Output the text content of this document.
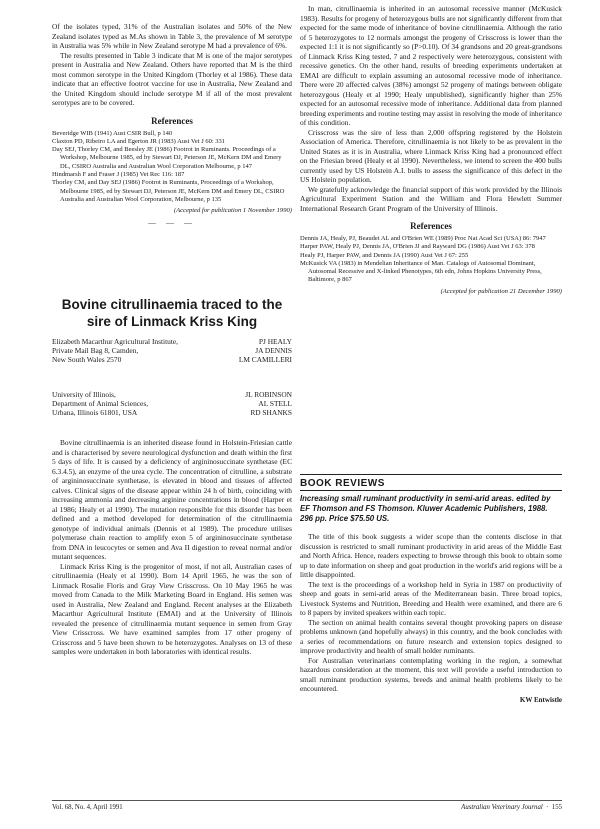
Of the isolates typed, 31% of the Australian isolates and 50% of the New Zealand isolates typed as M.As shown in Table 3, the prevalence of M serotype in Australia was 5% while in New Zealand serotype M had a prevalence of 6%.

The results presented in Table 3 indicate that M is one of the major serotypes present in Australia and New Zealand. Others have reported that M is the third most common serotype in the United Kingdom (Thorley et al 1986). These data indicate that an effective footrot vaccine for use in Australia, New Zealand and the United Kingdom should include serotype M if all of the most prevalent serotypes are to be covered.

References

Beveridge WIB (1941) Aust CSIR Bull, p 140

Claxton PD, Ribeiro LA and Egerton JR (1983) Aust Vet J 60: 331

Day SEJ, Thorley CM, and Beesley JE (1986) Footrot in Ruminants. Proceedings of a Workshop, Melbourne 1985, ed by Stewart DJ, Peterson JE, McKern DM and Emery DL, CSIRO Australia and Australian Wool Corporation Melbourne, p 147

Hindmarsh F and Fraser J (1985) Vet Rec 116: 187

Thorley CM, and Day SEJ (1986) Footrot in Ruminants, Proceedings of a Workshop, Melbourne 1985, ed by Stewart DJ, Peterson JE, McKern DM and Emery DL, CSIRO Australia and Australian Wool Corporation, Melbourne, p 135

(Accepted for publication 1 November 1990)
— — —
Bovine citrullinaemia traced to the
sire of Linmack Kriss King
Elizabeth Macarthur Agricultural Institute,	PJ HEALY
Private Mail Bag 8, Camden,	JA DENNIS
New South Wales 2570	LM CAMILLERI
University of Illinois,	JL ROBINSON
Department of Animal Sciences,	AL STELL
Urbana, Illinois 61801, USA	RD SHANKS

Bovine citrullinaemia is an inherited disease found in Holstein-Friesian cattle and is characterised by severe neurological dysfunction and death within the first 5 days of life. It is caused by a deficiency of argininosuccinate synthetase (EC 6.3.4.5), an enzyme of the urea cycle. The concentration of citrulline, a substrate of argininosuccinate synthetase, is elevated in blood and tissues of affected calves. Clinical signs of the disease appear within 24 h of birth, coinciding with increasing ammonia and decreasing arginine concentrations in blood (Harper et al 1986; Healy et al 1990). The mutation responsible for this disorder has been defined and a method developed for determination of the citrullinaemia genotype of individual animals (Dennis et al 1989). The procedure utilises polymerase chain reaction to amplify exon 5 of argininosuccinate synthetase from DNA in leucocytes or semen and Ava II digestion to reveal normal and/or mutant sequences.

Linmack Kriss King is the progenitor of most, if not all, Australian cases of citrullinaemia (Healy et al 1990). Born 14 April 1965, he was the son of Linmack Rosalie Floris and Gray View Crisscross. On 10 May 1965 he was moved from Canada to the Milk Marketing Board in England. His semen was used in Australia, New Zealand and England. Recent analyses at the Elizabeth Macarthur Agricultural Institute (EMAI) and at the University of Illinois revealed the presence of citrullinaemia mutant sequence in semen from Gray View Crisscross. We have examined samples from 17 other progeny of Crisscross and 5 have been shown to be heterozygotes. Analyses on 13 of these samples were undertaken in both laboratories with identical results.

In man, citrullinaemia is inherited in an autosomal recessive manner (McKusick 1983). Results for progeny of heterozygous bulls are not significantly different from that expected for the same mode of inheritance of bovine citrullinaemia. Although the ratio of 5 heterozygotes to 12 normals amongst the progeny of Crisscross is lower than the expected 1:1 it is not significantly so (P>0.10). Of 34 grandsons and 20 great-grandsons of Linmack Kriss King tested, 7 and 2 respectively were heterozygous, consistent with recessive genetics. On the other hand, results of breeding experiments undertaken at EMAI are difficult to explain assuming an autosomal recessive mode of inheritance. There were 20 affected calves (38%) amongst 52 progeny of matings between obligate heterozygous (Healy et al 1990; Healy unpublished), significantly higher than 25% expected for an autosomal recessive mode of inheritance. Additional data from planned breeding experiments and routine testing may assist in resolving the mode of inheritance of this condition.

Crisscross was the sire of less than 2,000 offspring registered by the Holstein Association of America. Therefore, citrullinaemia is not likely to be as prevalent in the United States as it is in Australia, where Linmack Kriss King had a pronounced effect on the Friesian breed (Healy et al 1990). Nevertheless, we intend to screen the 400 bulls currently used by US Holstein A.I. bulls to assess the significance of this defect in the US Holstein population.

We gratefully acknowledge the financial support of this work provided by the Illinois Agricultural Experiment Station and the William and Flora Hewlett Summer International Research Grant Program of the University of Illinois.

References

Dennis JA, Healy, PJ, Beaudet AL and O'Brien WE (1989) Proc Nat Acad Sci (USA) 86: 7947

Harper PAW, Healy PJ, Dennis JA, O'Brien JJ and Rayward DG (1986) Aust Vet J 63: 378

Healy PJ, Harper PAW, and Dennis JA (1990) Aust Vet J 67: 255

McKusick VA (1983) in Mendelian Inheritance of Man. Catalogs of Autosomal Dominant, Autosomal Recessive and X-linked Phenotypes, 6th edn, Johns Hopkins University Press, Baltimore, p 867

(Accepted for publication 21 December 1990)
BOOK REVIEWS
Increasing small ruminant productivity in semi-arid areas. edited by EF Thomson and FS Thomson. Kluwer Academic Publishers, 1988. 296 pp. Price $75.50 US.

The title of this book suggests a wider scope than the contents disclose in that discussion is restricted to small ruminant productivity in arid areas of the Middle East and North Africa. Hence, readers expecting to browse through this book to obtain some up to date information on sheep and goat production in the world's arid regions will be a little disappointed.

The text is the proceedings of a workshop held in Syria in 1987 on productivity of sheep and goats in semi-arid areas of the Mediterranean basin. Three broad topics, Livestock Systems and Nutrition, Breeding and Health were examined, and there are 6 to 8 papers by invited speakers within each topic.

The section on animal health contains several thought provoking papers on disease problems unknown (and hopefully always) in this country, and the book concludes with a series of recommendations on future research and extension topics designed to improve productivity and health of small holder ruminants.

For Australian veterinarians contemplating working in the region, a somewhat hazardous consideration at the moment, this text will provide a useful introduction to small ruminant production systems, breeds and animal health problems likely to be encountered.

KW Entwistle
Vol. 68, No. 4, April 1991	Australian Veterinary Journal  ·  155
